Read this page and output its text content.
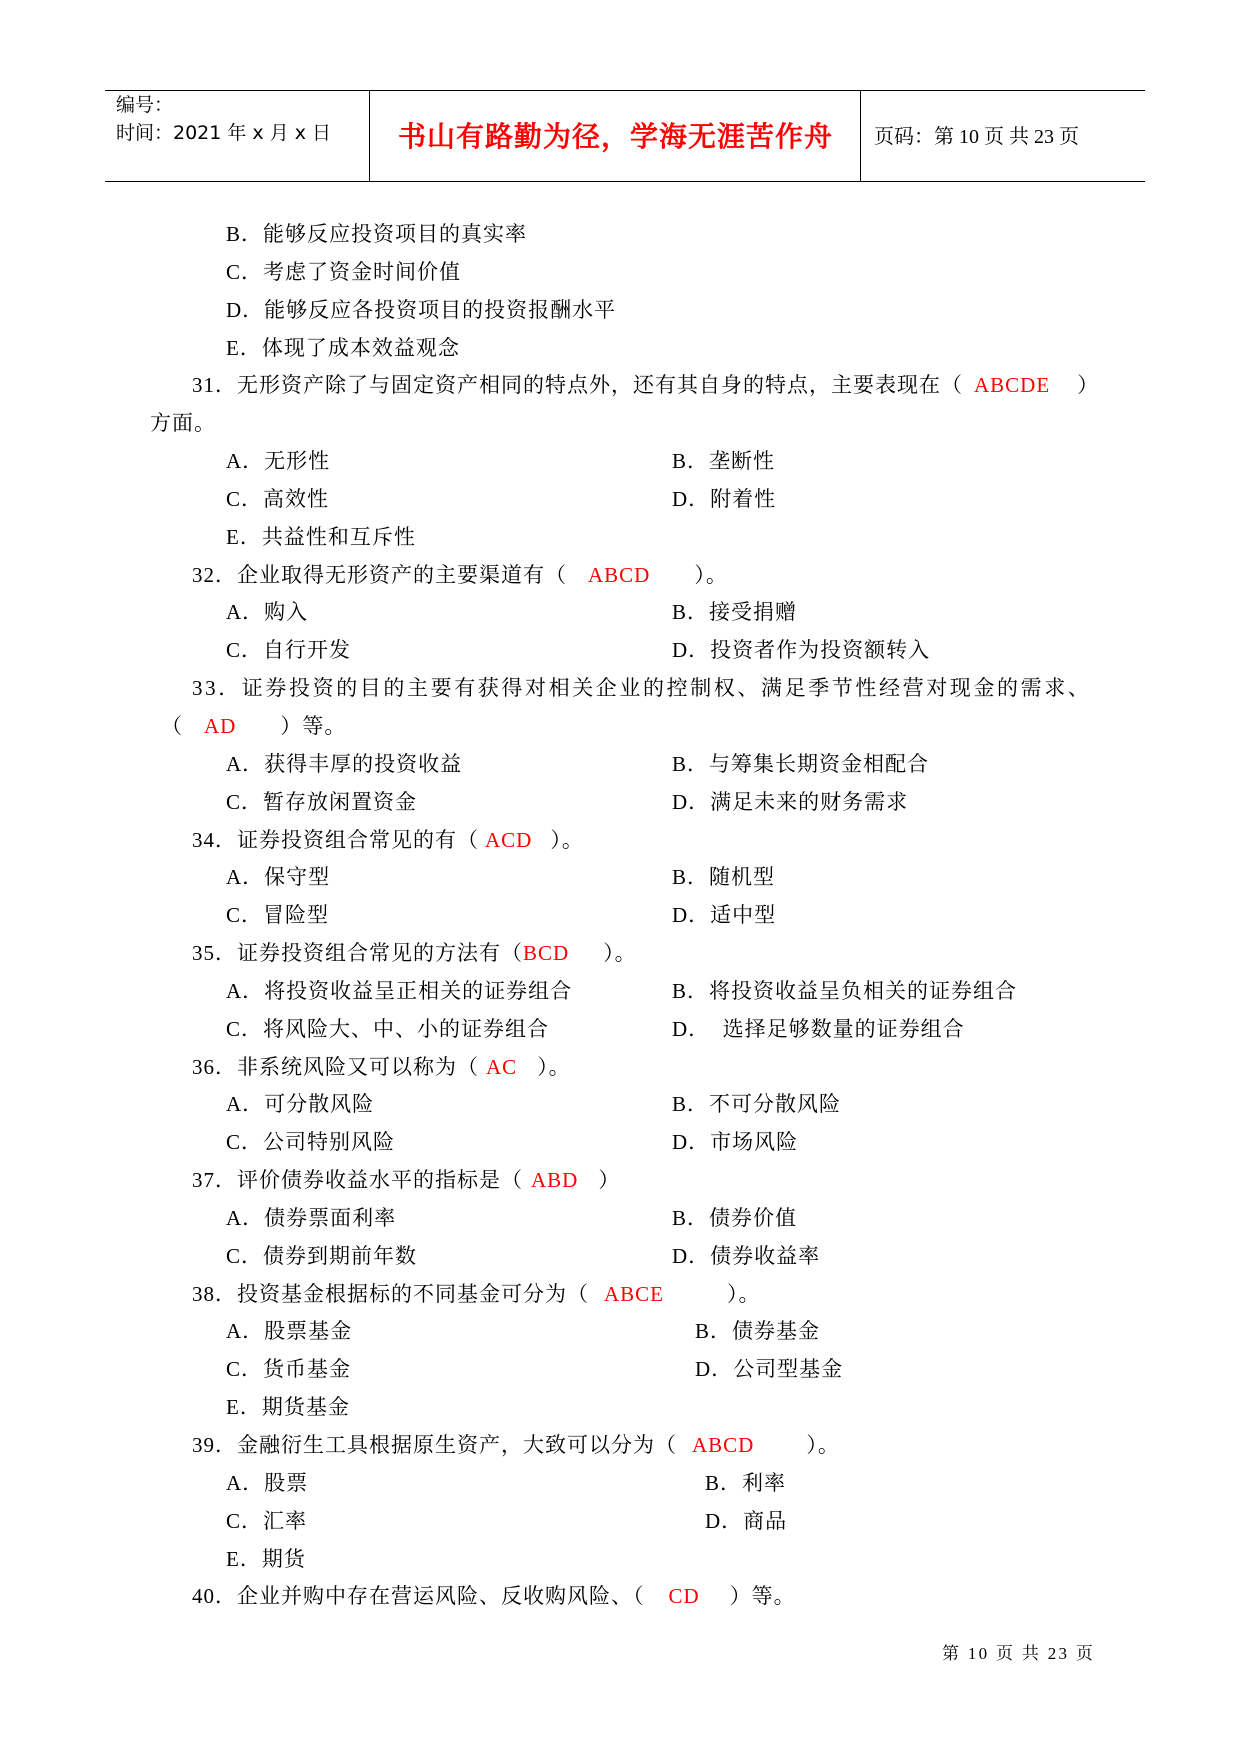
编号：
时间：2021 年 x 月 x 日	书山有路勤为径，学海无涯苦作舟	页码：第 10 页 共 23 页
B．能够反应投资项目的真实率
C．考虑了资金时间价值
D．能够反应各投资项目的投资报酬水平
E．体现了成本效益观念
31．无形资产除了与固定资产相同的特点外，还有其自身的特点，主要表现在（ ABCDE ）
方面。
A．无形性	B．垄断性
C．高效性	D．附着性
E．共益性和互斥性
32．企业取得无形资产的主要渠道有（ ABCD ）。
A．购入	B．接受捐赠
C．自行开发	D．投资者作为投资额转入
33．证券投资的目的主要有获得对相关企业的控制权、满足季节性经营对现金的需求、
（ AD ）等。
A．获得丰厚的投资收益	B．与筹集长期资金相配合
C．暂存放闲置资金	D．满足未来的财务需求
34．证券投资组合常见的有（ ACD ）。
A．保守型	B．随机型
C．冒险型	D．适中型
35．证券投资组合常见的方法有（BCD ）。
A．将投资收益呈正相关的证券组合	B．将投资收益呈负相关的证券组合
C．将风险大、中、小的证券组合	D．  选择足够数量的证券组合
36．非系统风险又可以称为（ AC ）。
A．可分散风险	B．不可分散风险
C．公司特别风险	D．市场风险
37．评价债券收益水平的指标是（ ABD ）
A．债券票面利率	B．债券价值
C．债券到期前年数	D．债券收益率
38．投资基金根据标的不同基金可分为（ ABCE	）。
A．股票基金	B．债券基金
C．货币基金	D．公司型基金
E．期货基金
39．金融衍生工具根据原生资产，大致可以分为（ ABCD ）。
A．股票	B．利率
C．汇率	D．商品
E．期货
40．企业并购中存在营运风险、反收购风险、（ CD ）等。
第 10 页 共 23 页
